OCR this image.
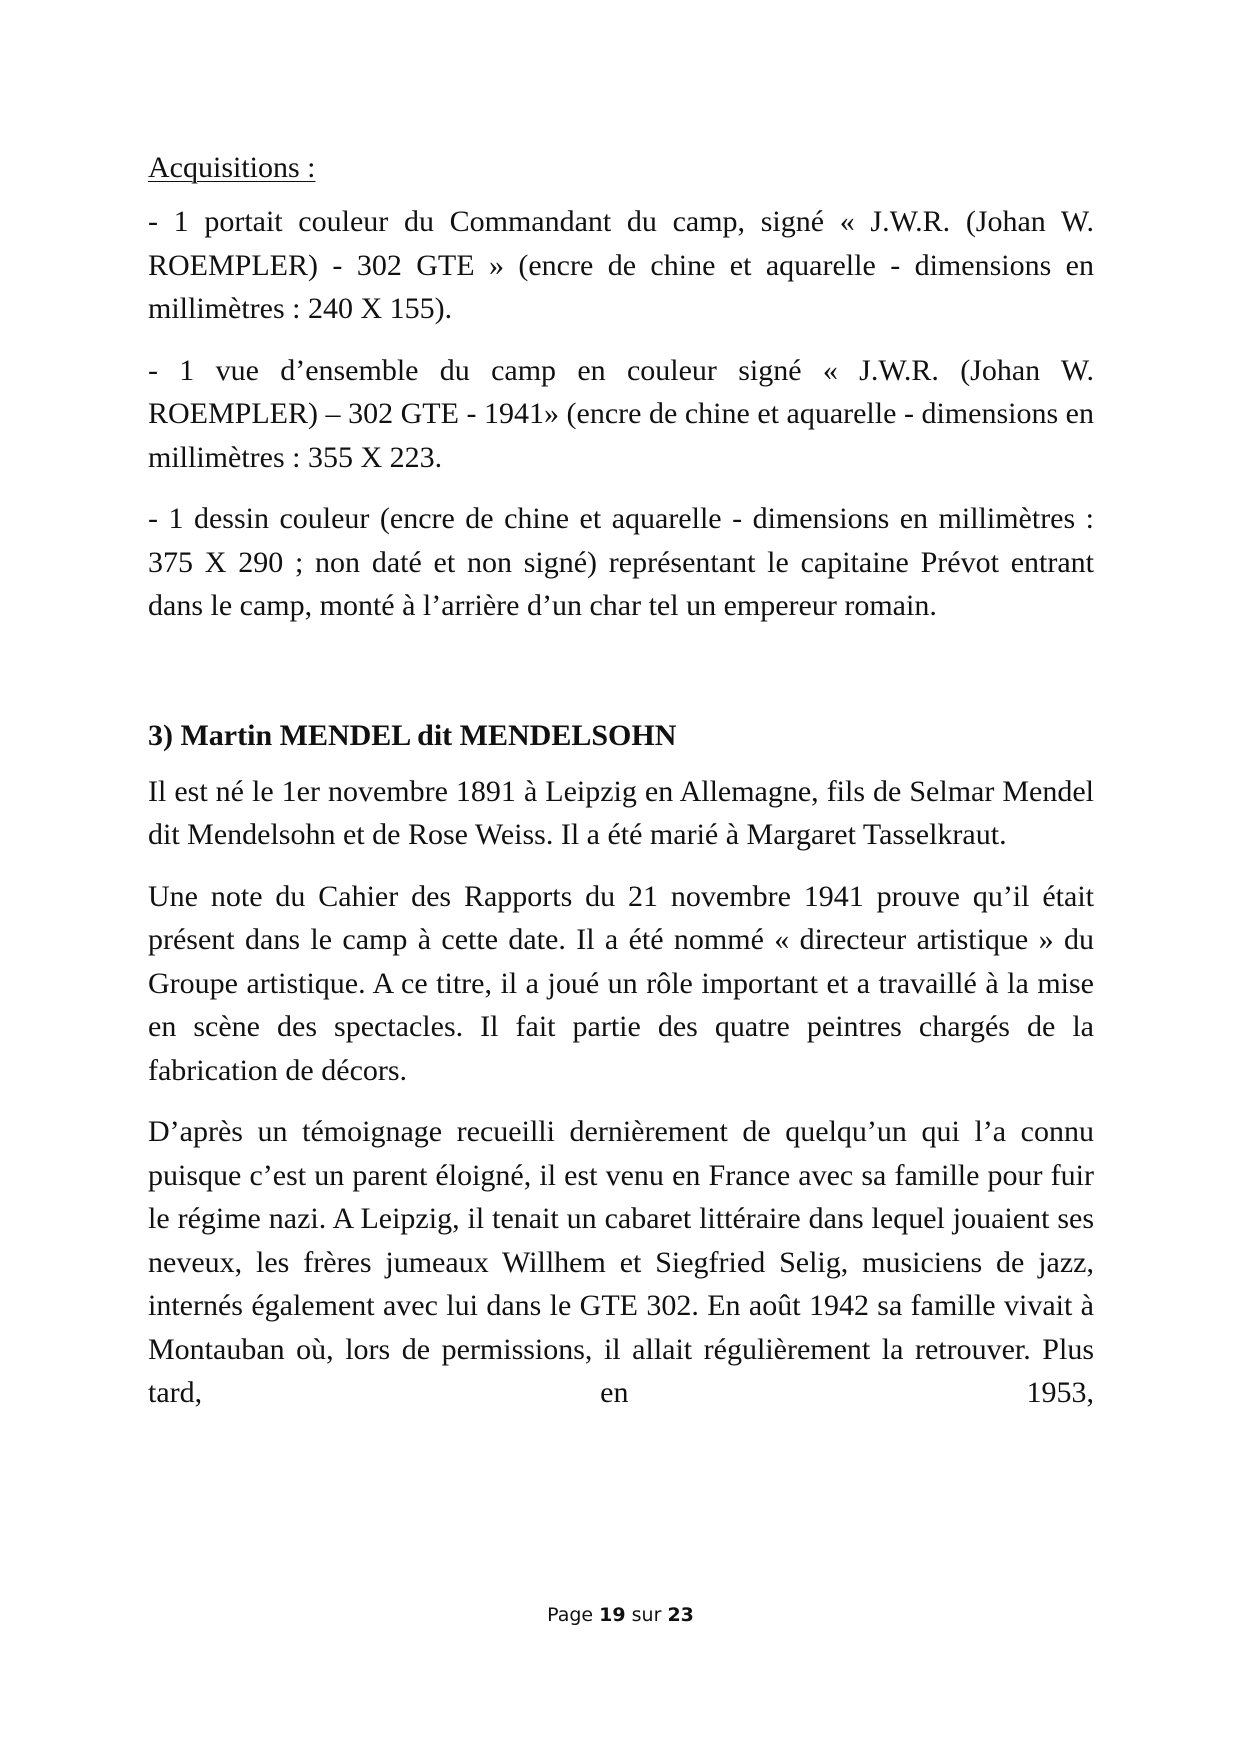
Acquisitions :

- 1 portait couleur du Commandant du camp, signé « J.W.R. (Johan W. ROEMPLER) - 302 GTE » (encre de chine et aquarelle - dimensions en millimètres : 240 X 155).

- 1 vue d’ensemble du camp en couleur signé « J.W.R. (Johan W. ROEMPLER) – 302 GTE - 1941» (encre de chine et aquarelle - dimensions en millimètres : 355 X 223.

- 1 dessin couleur (encre de chine et aquarelle - dimensions en millimètres : 375 X 290 ; non daté et non signé) représentant le capitaine Prévot entrant dans le camp, monté à l’arrière d’un char tel un empereur romain.

3) Martin MENDEL dit MENDELSOHN

Il est né le 1er novembre 1891 à Leipzig en Allemagne, fils de Selmar Mendel dit Mendelsohn et de Rose Weiss. Il a été marié à Margaret Tasselkraut.

Une note du Cahier des Rapports du 21 novembre 1941 prouve qu’il était présent dans le camp à cette date. Il a été nommé « directeur artistique » du Groupe artistique. A ce titre, il a joué un rôle important et a travaillé à la mise en scène des spectacles. Il fait partie des quatre peintres chargés de la fabrication de décors.

D’après un témoignage recueilli dernièrement de quelqu’un qui l’a connu puisque c’est un parent éloigné, il est venu en France avec sa famille pour fuir le régime nazi. A Leipzig, il tenait un cabaret littéraire dans lequel jouaient ses neveux, les frères jumeaux Willhem et Siegfried Selig, musiciens de jazz, internés également avec lui dans le GTE 302. En août 1942 sa famille vivait à Montauban où, lors de permissions, il allait régulièrement la retrouver. Plus tard, en 1953,

Page 19 sur 23
